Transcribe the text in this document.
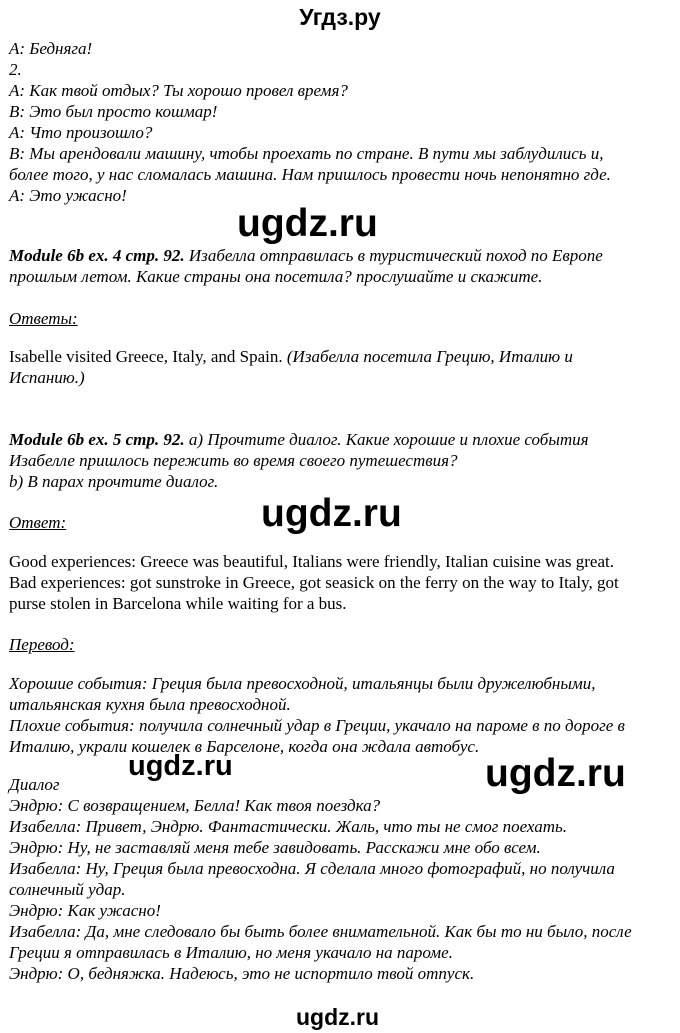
Угдз.ру
А: Бедняга!
2.
А: Как твой отдых? Ты хорошо провел время?
В: Это был просто кошмар!
А: Что произошло?
В: Мы арендовали машину, чтобы проехать по стране. В пути мы заблудились и,
более того, у нас сломалась машина. Нам пришлось провести ночь непонятно где.
А: Это ужасно!
ugdz.ru
Module 6b ex. 4 стр. 92. Изабелла отправилась в туристический поход по Европе
прошлым летом. Какие страны она посетила? прослушайте и скажите.
Ответы:
Isabelle visited Greece, Italy, and Spain. (Изабелла посетила Грецию, Италию и
Испанию.)
Module 6b ex. 5 стр. 92. а) Прочтите диалог. Какие хорошие и плохие события
Изабелле пришлось пережить во время своего путешествия?
b) В парах прочтите диалог.
ugdz.ru
Ответ:
Good experiences: Greece was beautiful, Italians were friendly, Italian cuisine was great.
Bad experiences: got sunstroke in Greece, got seasick on the ferry on the way to Italy, got
purse stolen in Barcelona while waiting for a bus.
Перевод:
Хорошие события: Греция была превосходной, итальянцы были дружелюбными,
итальянская кухня была превосходной.
Плохие события: получила солнечный удар в Греции, укачало на пароме в по дороге в
Италию, украли кошелек в Барселоне, когда она ждала автобус.
ugdz.ru	ugdz.ru
Диалог
Эндрю: С возвращением, Белла! Как твоя поездка?
Изабелла: Привет, Эндрю. Фантастически. Жаль, что ты не смог поехать.
Эндрю: Ну, не заставляй меня тебе завидовать. Расскажи мне обо всем.
Изабелла: Ну, Греция была превосходна. Я сделала много фотографий, но получила
солнечный удар.
Эндрю: Как ужасно!
Изабелла: Да, мне следовало бы быть более внимательной. Как бы то ни было, после
Греции я отправилась в Италию, но меня укачало на пароме.
Эндрю: О, бедняжка. Надеюсь, это не испортило твой отпуск.
ugdz.ru
